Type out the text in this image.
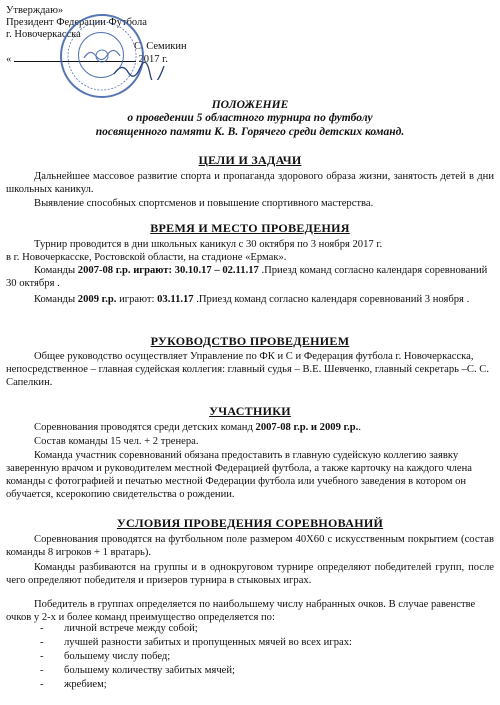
Утверждаю»
Президент Федерации Футбола
г. Новочеркасска
С. Семикин
«	2017 г.
ПОЛОЖЕНИЕ
о проведении 5 областного турнира по футболу
посвященного памяти К. В. Горячего среди детских команд.
ЦЕЛИ И ЗАДАЧИ
Дальнейшее массовое развитие спорта и пропаганда здорового образа жизни, занятость детей в дни школьных каникул.
Выявление способных спортсменов и повышение спортивного мастерства.
ВРЕМЯ И МЕСТО ПРОВЕДЕНИЯ
Турнир проводится в дни школьных каникул с 30 октября по 3 ноября 2017 г.
в г. Новочеркасске, Ростовской области, на стадионе «Ермак».
Команды 2007-08 г.р. играют: 30.10.17 – 02.11.17 .Приезд команд согласно календаря соревнований 30 октября .
Команды 2009 г.р. играют: 03.11.17 .Приезд команд согласно календаря соревнований 3 ноября .
РУКОВОДСТВО ПРОВЕДЕНИЕМ
Общее руководство осуществляет Управление по ФК и С и Федерация футбола г. Новочеркасска, непосредственное – главная судейская коллегия: главный судья – В.Е. Шевченко, главный секретарь –С. С. Сапелкин.
УЧАСТНИКИ
Соревнования проводятся среди детских команд 2007-08 г.р. и 2009 г.р..
Состав команды 15 чел. + 2 тренера.
Команда участник соревнований обязана предоставить в главную судейскую коллегию заявку заверенную врачом и руководителем местной Федерацией футбола, а также карточку на каждого члена команды с фотографией и печатью местной Федерации футбола или учебного заведения в котором он обучается, ксерокопию свидетельства о рождении.
УСЛОВИЯ ПРОВЕДЕНИЯ СОРЕВНОВАНИЙ
Соревнования проводятся на футбольном поле размером 40Х60 с искусственным покрытием (состав команды 8 игроков + 1 вратарь).
Команды разбиваются на группы и в однокруговом турнире определяют победителей групп, после чего определяют победителя и призеров турнира в стыковых играх.
Победитель в группах определяется по наибольшему числу набранных очков. В случае равенстве очков у 2-х и более команд преимущество определяется по:
- личной встрече между собой;
- лучшей разности забитых и пропущенных мячей во всех играх:
- большему числу побед;
- большему количеству забитых мячей;
- жребием;
